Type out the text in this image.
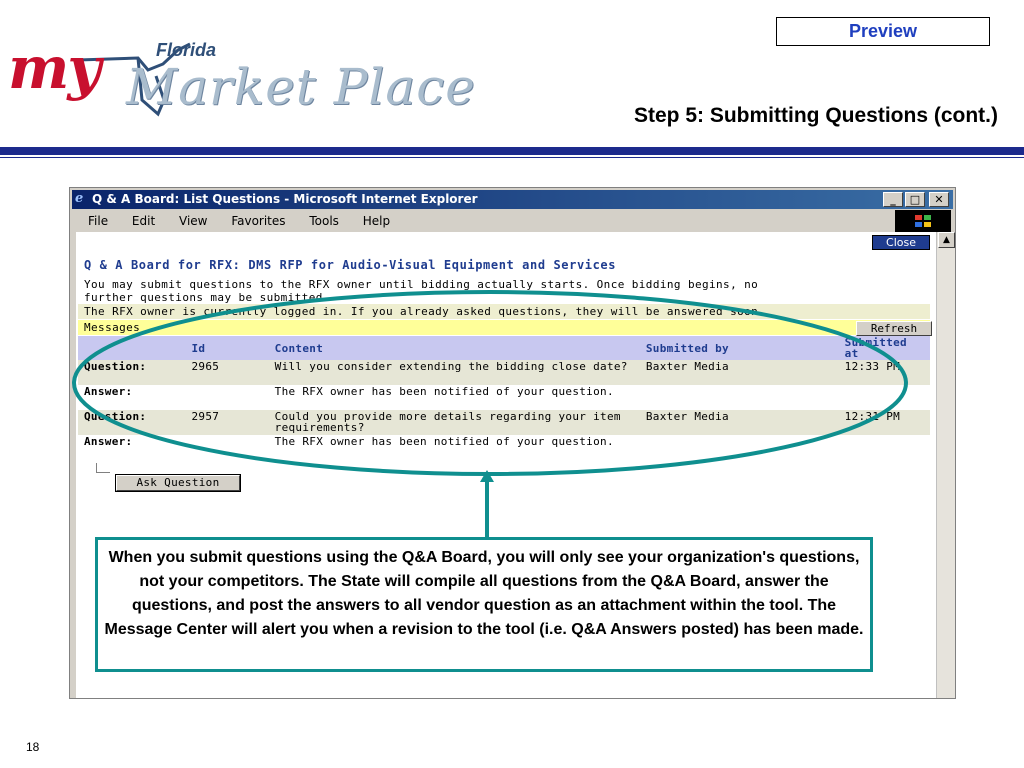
Preview
my	Florida
Market Place	Step 5: Submitting Questions (cont.)
e Q & A Board: List Questions - Microsoft Internet Explorer	_	□	✕
File Edit View Favorites Tools Help
Close
Q & A Board for RFX: DMS RFP for Audio-Visual Equipment and Services
You may submit questions to the RFX owner until bidding actually starts. Once bidding begins, no
further questions may be submitted.
The RFX owner is currently logged in. If you already asked questions, they will be answered soon.
Messages	Refresh
	Id	Content	Submitted by	Submitted at
Question:	2965	Will you consider extending the bidding close date?	Baxter Media	12:33 PM
Answer:		The RFX owner has been notified of your question.		
Question:	2957	Could you provide more details regarding your item requirements?	Baxter Media	12:31 PM
Answer:		The RFX owner has been notified of your question.		
Ask Question
▲
When you submit questions using the Q&A Board, you will only see your organization's questions, not your competitors. The State will compile all questions from the Q&A Board, answer the questions, and post the answers to all vendor question as an attachment within the tool. The Message Center will alert you when a revision to the tool (i.e. Q&A Answers posted) has been made.
18
